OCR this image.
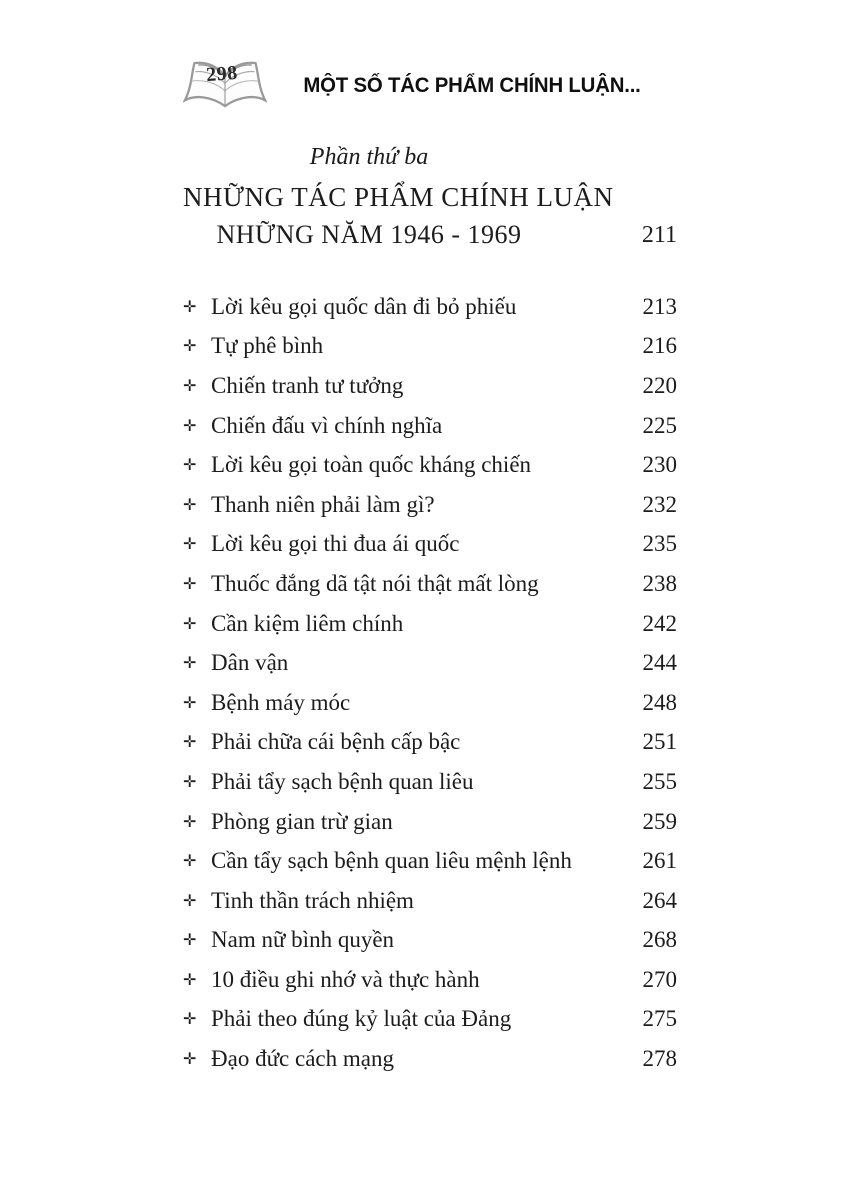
298	MỘT SỐ TÁC PHẨM CHÍNH LUẬN...
Phần thứ ba
NHỮNG TÁC PHẨM CHÍNH LUẬN
NHỮNG NĂM 1946 - 1969	211
✛ Lời kêu gọi quốc dân đi bỏ phiếu	213
✛ Tự phê bình	216
✛ Chiến tranh tư tưởng	220
✛ Chiến đấu vì chính nghĩa	225
✛ Lời kêu gọi toàn quốc kháng chiến	230
✛ Thanh niên phải làm gì?	232
✛ Lời kêu gọi thi đua ái quốc	235
✛ Thuốc đắng dã tật nói thật mất lòng	238
✛ Cần kiệm liêm chính	242
✛ Dân vận	244
✛ Bệnh máy móc	248
✛ Phải chữa cái bệnh cấp bậc	251
✛ Phải tẩy sạch bệnh quan liêu	255
✛ Phòng gian trừ gian	259
✛ Cần tẩy sạch bệnh quan liêu mệnh lệnh	261
✛ Tinh thần trách nhiệm	264
✛ Nam nữ bình quyền	268
✛ 10 điều ghi nhớ và thực hành	270
✛ Phải theo đúng kỷ luật của Đảng	275
✛ Đạo đức cách mạng	278
